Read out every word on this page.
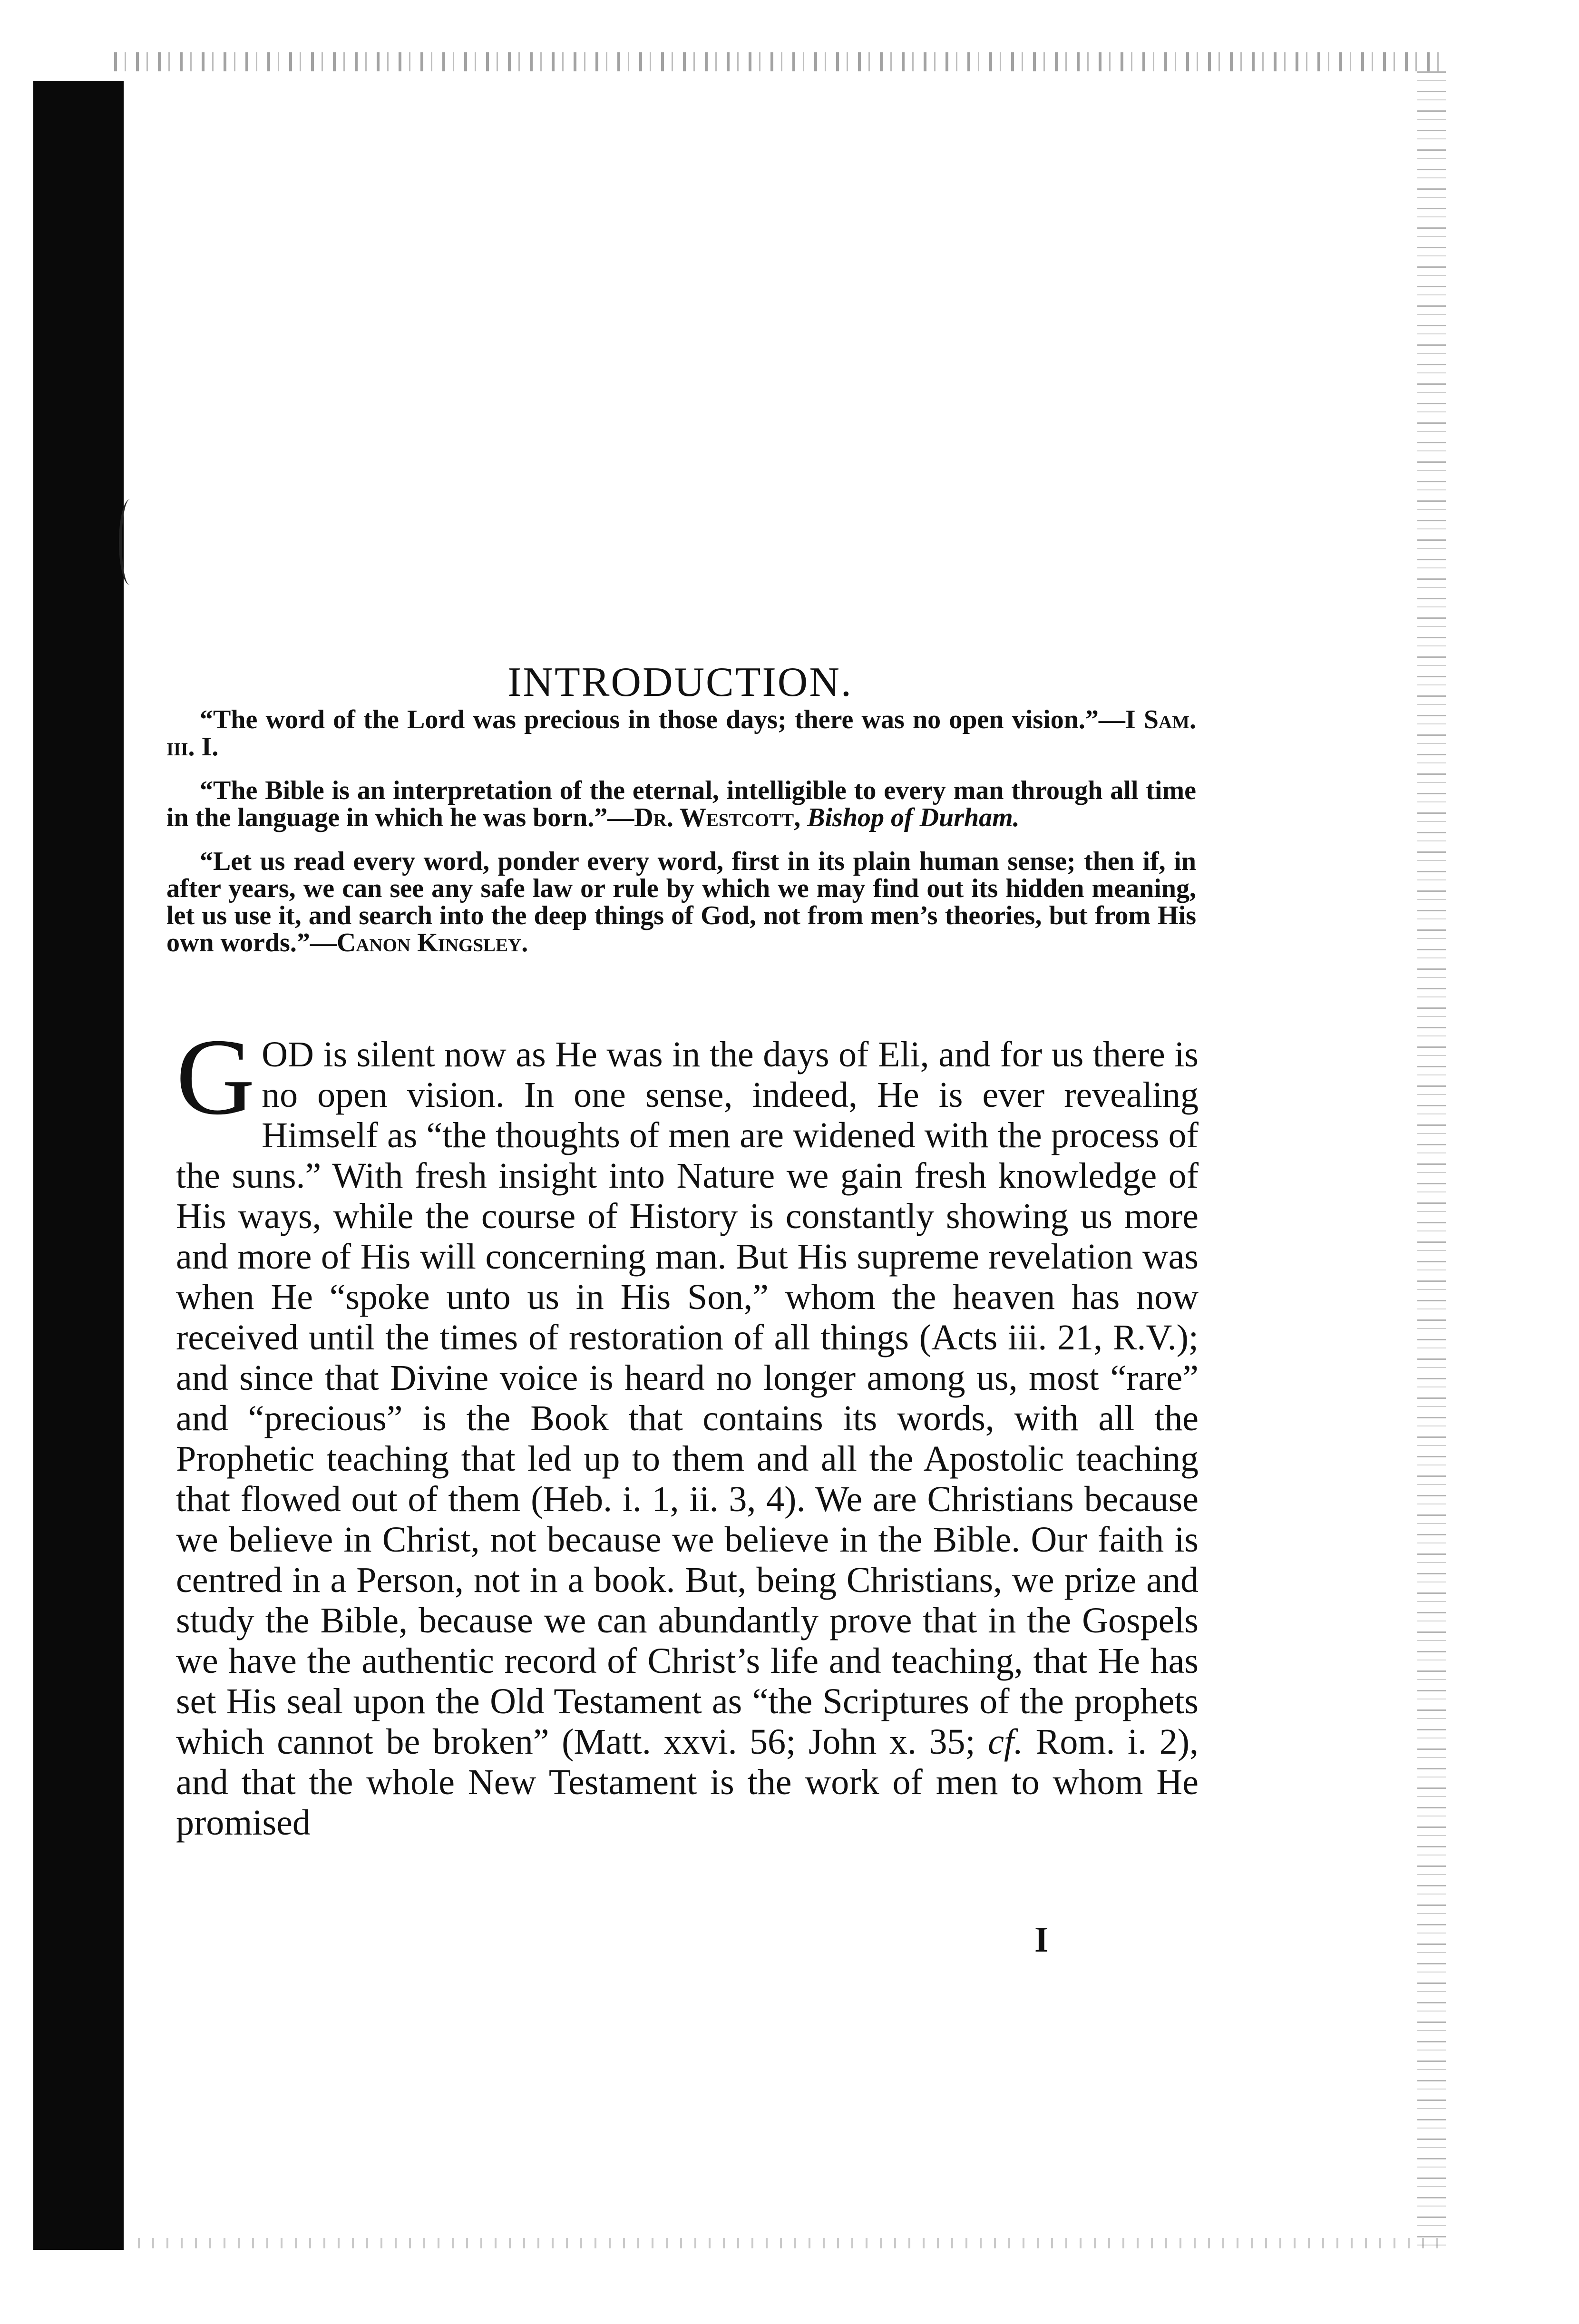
INTRODUCTION.

“The word of the Lord was precious in those days; there was no open vision.”—I Sam. iii. I.

“The Bible is an interpretation of the eternal, intelligible to every man through all time in the language in which he was born.”—Dr. Westcott, Bishop of Durham.

“Let us read every word, ponder every word, first in its plain human sense; then if, in after years, we can see any safe law or rule by which we may find out its hidden meaning, let us use it, and search into the deep things of God, not from men’s theories, but from His own words.”—Canon Kingsley.

GOD is silent now as He was in the days of Eli, and for us there is no open vision. In one sense, indeed, He is ever revealing Himself as “the thoughts of men are widened with the process of the suns.” With fresh insight into Nature we gain fresh knowledge of His ways, while the course of History is constantly showing us more and more of His will concerning man. But His supreme revelation was when He “spoke unto us in His Son,” whom the heaven has now received until the times of restoration of all things (Acts iii. 21, R.V.); and since that Divine voice is heard no longer among us, most “rare” and “precious” is the Book that contains its words, with all the Prophetic teaching that led up to them and all the Apostolic teaching that flowed out of them (Heb. i. 1, ii. 3, 4). We are Christians because we believe in Christ, not because we believe in the Bible. Our faith is centred in a Person, not in a book. But, being Christians, we prize and study the Bible, because we can abundantly prove that in the Gospels we have the authentic record of Christ’s life and teaching, that He has set His seal upon the Old Testament as “the Scriptures of the prophets which cannot be broken” (Matt. xxvi. 56; John x. 35; cf. Rom. i. 2), and that the whole New Testament is the work of men to whom He promised
I
